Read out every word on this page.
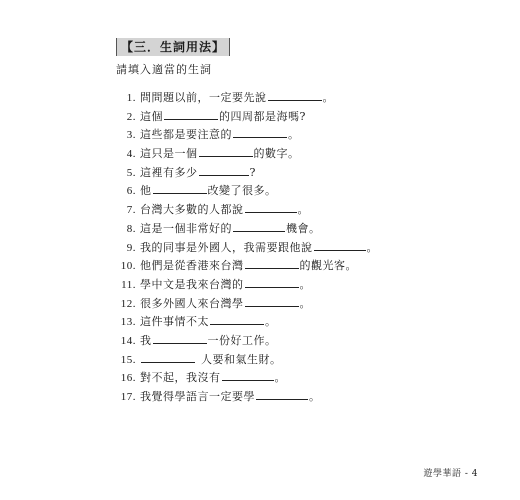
【三．生詞用法】
請填入適當的生詞
1. 問問題以前，一定要先說	。
2. 這個	的四周都是海嗎?
3. 這些都是要注意的	。
4. 這只是一個	的數字。
5. 這裡有多少	?
6. 他	改變了很多。
7. 台灣大多數的人都說	。
8. 這是一個非常好的	機會。
9. 我的同事是外國人，我需要跟他說	。
10. 他們是從香港來台灣	的觀光客。
11. 學中文是我來台灣的	。
12. 很多外國人來台灣學	。
13. 這件事情不太	。
14. 我	一份好工作。
15.	人要和氣生財。
16. 對不起，我沒有	。
17. 我覺得學語言一定要學	。
遊學華語 - 4
